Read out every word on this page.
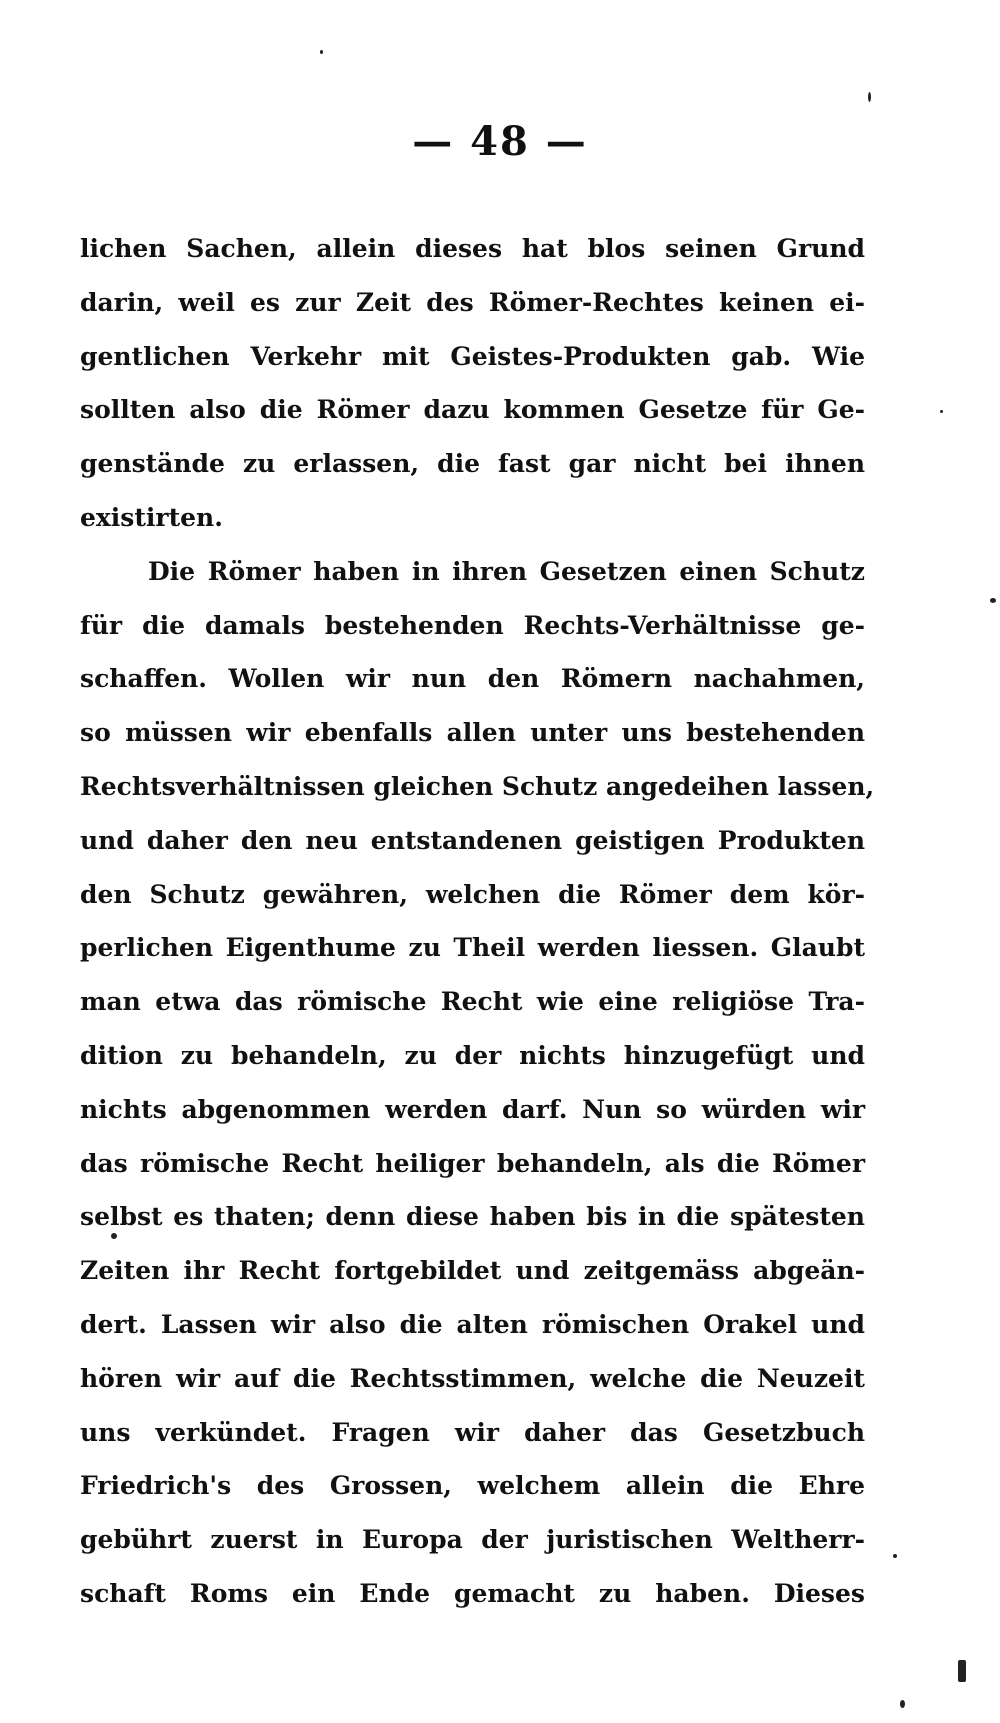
— 48 —
lichen Sachen, allein dieses hat blos seinen Grund
darin, weil es zur Zeit des Römer-Rechtes keinen ei-
gentlichen Verkehr mit Geistes-Produkten gab. Wie
sollten also die Römer dazu kommen Gesetze für Ge-
genstände zu erlassen, die fast gar nicht bei ihnen
existirten.
Die Römer haben in ihren Gesetzen einen Schutz
für die damals bestehenden Rechts-Verhältnisse ge-
schaffen. Wollen wir nun den Römern nachahmen,
so müssen wir ebenfalls allen unter uns bestehenden
Rechtsverhältnissen gleichen Schutz angedeihen lassen,
und daher den neu entstandenen geistigen Produkten
den Schutz gewähren, welchen die Römer dem kör-
perlichen Eigenthume zu Theil werden liessen. Glaubt
man etwa das römische Recht wie eine religiöse Tra-
dition zu behandeln, zu der nichts hinzugefügt und
nichts abgenommen werden darf. Nun so würden wir
das römische Recht heiliger behandeln, als die Römer
selbst es thaten; denn diese haben bis in die spätesten
Zeiten ihr Recht fortgebildet und zeitgemäss abgeän-
dert. Lassen wir also die alten römischen Orakel und
hören wir auf die Rechtsstimmen, welche die Neuzeit
uns verkündet. Fragen wir daher das Gesetzbuch
Friedrich's des Grossen, welchem allein die Ehre
gebührt zuerst in Europa der juristischen Weltherr-
schaft Roms ein Ende gemacht zu haben. Dieses
